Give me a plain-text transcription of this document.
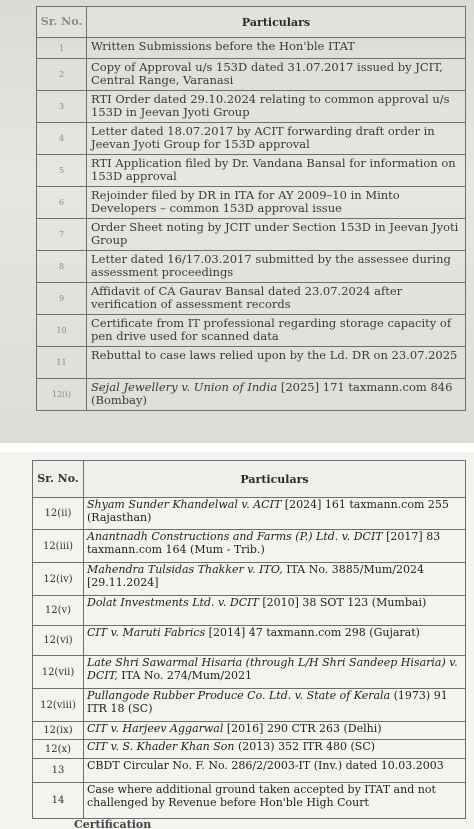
Sr. No.	Particulars
1	Written Submissions before the Hon'ble ITAT
2	Copy of Approval u/s 153D dated 31.07.2017 issued by JCIT, Central Range, Varanasi
3	RTI Order dated 29.10.2024 relating to common approval u/s 153D in Jeevan Jyoti Group
4	Letter dated 18.07.2017 by ACIT forwarding draft order in Jeevan Jyoti Group for 153D approval
5	RTI Application filed by Dr. Vandana Bansal for information on 153D approval
6	Rejoinder filed by DR in ITA for AY 2009–10 in Minto Developers – common 153D approval issue
7	Order Sheet noting by JCIT under Section 153D in Jeevan Jyoti Group
8	Letter dated 16/17.03.2017 submitted by the assessee during assessment proceedings
9	Affidavit of CA Gaurav Bansal dated 23.07.2024 after verification of assessment records
10	Certificate from IT professional regarding storage capacity of pen drive used for scanned data
11	Rebuttal to case laws relied upon by the Ld. DR on 23.07.2025
12(i)	Sejal Jewellery v. Union of India [2025] 171 taxmann.com 846 (Bombay)
Sr. No.	Particulars
12(ii)	Shyam Sunder Khandelwal v. ACIT [2024] 161 taxmann.com 255 (Rajasthan)
12(iii)	Anantnadh Constructions and Farms (P.) Ltd. v. DCIT [2017] 83 taxmann.com 164 (Mum - Trib.)
12(iv)	Mahendra Tulsidas Thakker v. ITO, ITA No. 3885/Mum/2024 [29.11.2024]
12(v)	Dolat Investments Ltd. v. DCIT [2010] 38 SOT 123 (Mumbai)
12(vi)	CIT v. Maruti Fabrics [2014] 47 taxmann.com 298 (Gujarat)
12(vii)	Late Shri Sawarmal Hisaria (through L/H Shri Sandeep Hisaria) v. DCIT, ITA No. 274/Mum/2021
12(viii)	Pullangode Rubber Produce Co. Ltd. v. State of Kerala (1973) 91 ITR 18 (SC)
12(ix)	CIT v. Harjeev Aggarwal [2016] 290 CTR 263 (Delhi)
12(x)	CIT v. S. Khader Khan Son (2013) 352 ITR 480 (SC)
13	CBDT Circular No. F. No. 286/2/2003-IT (Inv.) dated 10.03.2003
14	Case where additional ground taken accepted by ITAT and not challenged by Revenue before Hon'ble High Court
Certification
